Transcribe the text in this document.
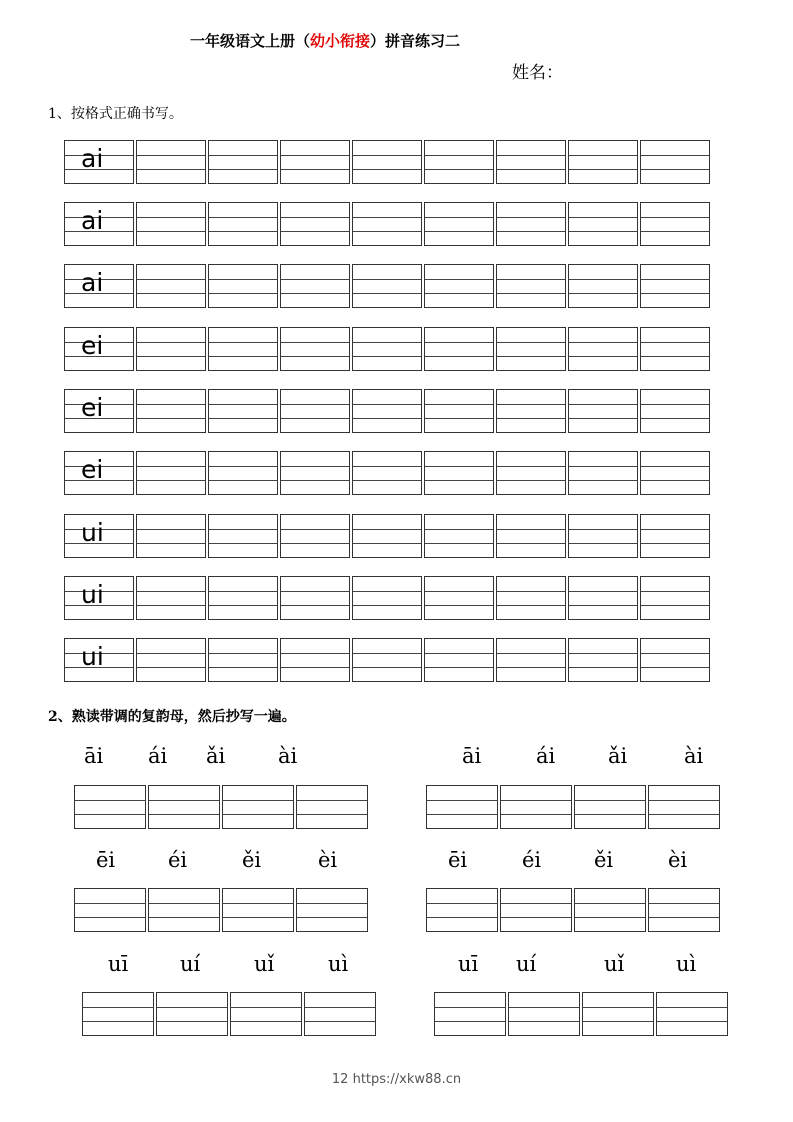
一年级语文上册（幼小衔接）拼音练习二
姓名：
1、按格式正确书写。
ai
ai
ai
ei
ei
ei
ui
ui
ui
2、熟读带调的复韵母，然后抄写一遍。
āi	ái	ǎi	ài	āi	ái	ǎi	ài
ēi	éi	ěi	èi	ēi	éi	ěi	èi
uī	uí	uǐ	uì	uī	uí	uǐ	uì
12 https://xkw88.cn
